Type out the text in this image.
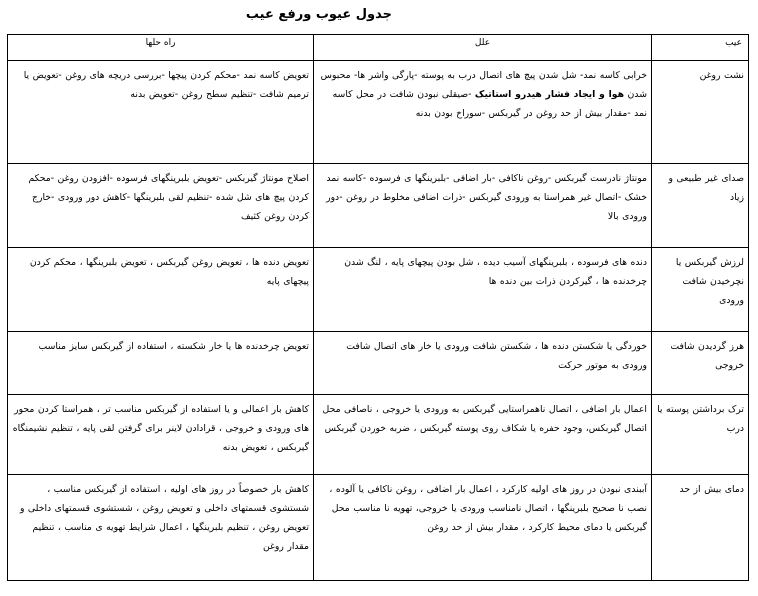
جدول عیوب ورفع عیب
عیب	علل	راه حلها
نشت روغن	خرابی کاسه نمد- شل شدن پیچ های اتصال درب به پوسته -پارگی واشر ها- محبوس شدن هوا و ایجاد فشار هیدرو استاتیک -صیقلی نبودن شافت در محل کاسه نمد -مقدار بیش از حد روغن در گیربکس -سوراخ بودن بدنه	تعویض کاسه نمد -محکم کردن پیچها -بررسی دریچه های روغن -تعویض یا ترمیم شافت -تنظیم سطح روغن -تعویض بدنه
صدای غیر طبیعی و زیاد	مونتاژ نادرست گیربکس -روغن ناکافی -بار اضافی -بلبرینگها ی فرسوده -کاسه نمد خشک -اتصال غیر همراستا به ورودی گیربکس -ذرات اضافی مخلوط در روغن -دور ورودی بالا	اصلاح مونتاژ گیربکس -تعویض بلبرینگهای فرسوده -افزودن روغن -محکم کردن پیچ های شل شده -تنظیم لقی بلبرینگها -کاهش دور ورودی -خارج کردن روغن کثیف
لرزش گیربکس یا نچرخیدن شافت ورودی	دنده های فرسوده ، بلبرینگهای آسیب دیده ، شل بودن پیچهای پایه ، لنگ شدن چرخدنده ها ، گیرکردن ذرات بین دنده ها	تعویض دنده ها ، تعویض روغن گیربکس ، تعویض بلبرینگها ، محکم کردن پیچهای پایه
هرز گردیدن شافت خروجی	خوردگی یا شکستن دنده ها ، شکستن شافت ورودی یا خار های اتصال شافت ورودی به موتور حرکت	تعویض چرخدنده ها یا خار شکسته ، استفاده از گیربکس سایز مناسب
ترک برداشتن پوسته یا درب	اعمال بار اضافی ، اتصال ناهمراستایی گیربکس به ورودی یا خروجی ، ناصافی محل اتصال گیربکس، وجود حفره یا شکاف روی پوسته گیربکس ، ضربه خوردن گیربکس	کاهش بار اعمالی و یا استفاده از گیربکس مناسب تر ، همراستا کردن محور های ورودی و خروجی ، قرادادن لاینر برای گرفتن لقی پایه ، تنظیم نشیمنگاه گیربکس ، تعویض بدنه
دمای بیش از حد	آببندی نبودن در روز های اولیه کارکرد ، اعمال بار اضافی ، روغن ناکافی یا آلوده ، نصب نا صحیح بلبرینگها ، اتصال نامناسب ورودی یا خروجی، تهویه نا مناسب محل گیربکس یا دمای محیط کارکرد ، مقدار بیش از حد روغن	کاهش بار خصوصاً در روز های اولیه ، استفاده از گیربکس مناسب ، شستشوی قسمتهای داخلی و تعویض روغن ، شستشوی قسمتهای داخلی و تعویض روغن ، تنظیم بلبرینگها ، اعمال شرایط تهویه ی مناسب ، تنظیم مقدار روغن
